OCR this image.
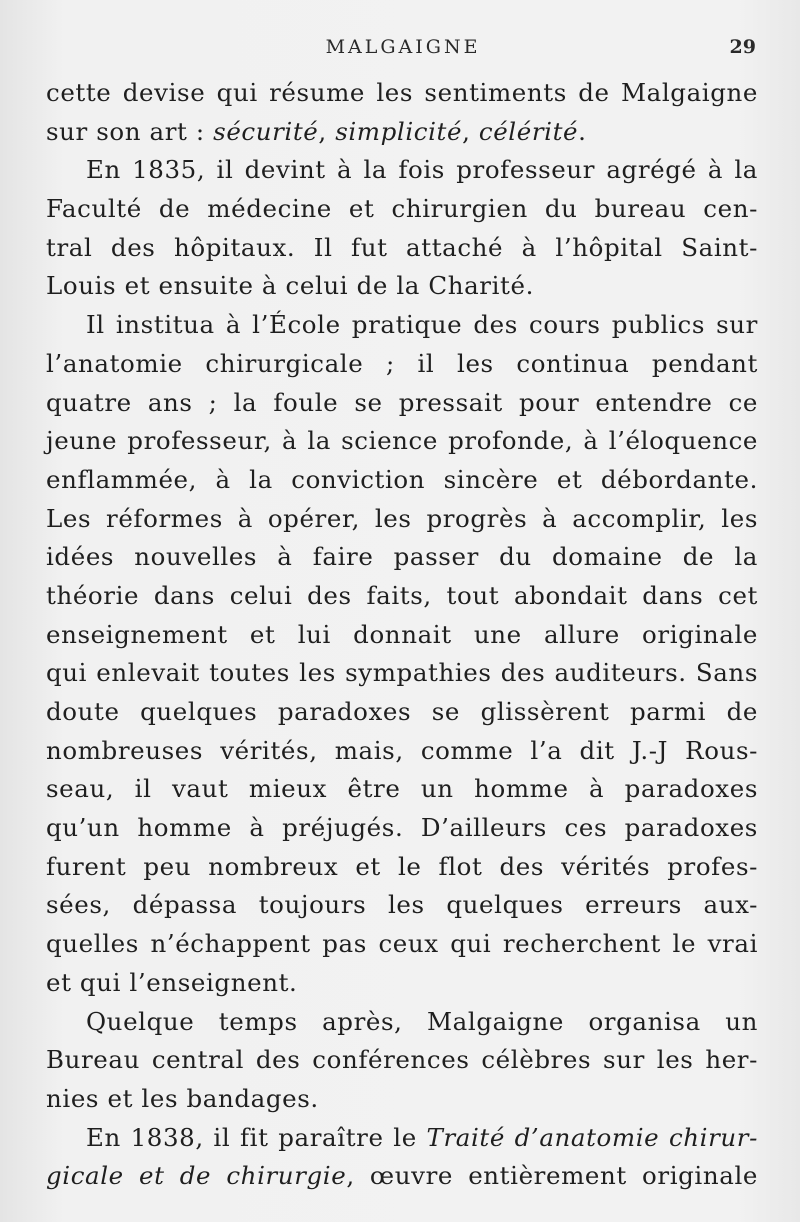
MALGAIGNE	29
cette devise qui résume les sentiments de Malgaigne
sur son art : sécurité, simplicité, célérité.
En 1835, il devint à la fois professeur agrégé à la
Faculté de médecine et chirurgien du bureau cen-
tral des hôpitaux. Il fut attaché à l’hôpital Saint-
Louis et ensuite à celui de la Charité.
Il institua à l’École pratique des cours publics sur
l’anatomie chirurgicale ; il les continua pendant
quatre ans ; la foule se pressait pour entendre ce
jeune professeur, à la science profonde, à l’éloquence
enflammée, à la conviction sincère et débordante.
Les réformes à opérer, les progrès à accomplir, les
idées nouvelles à faire passer du domaine de la
théorie dans celui des faits, tout abondait dans cet
enseignement et lui donnait une allure originale
qui enlevait toutes les sympathies des auditeurs. Sans
doute quelques paradoxes se glissèrent parmi de
nombreuses vérités, mais, comme l’a dit J.-J Rous-
seau, il vaut mieux être un homme à paradoxes
qu’un homme à préjugés. D’ailleurs ces paradoxes
furent peu nombreux et le flot des vérités profes-
sées, dépassa toujours les quelques erreurs aux-
quelles n’échappent pas ceux qui recherchent le vrai
et qui l’enseignent.
Quelque temps après, Malgaigne organisa un
Bureau central des conférences célèbres sur les her-
nies et les bandages.
En 1838, il fit paraître le Traité d’anatomie chirur-
gicale et de chirurgie, œuvre entièrement originale
